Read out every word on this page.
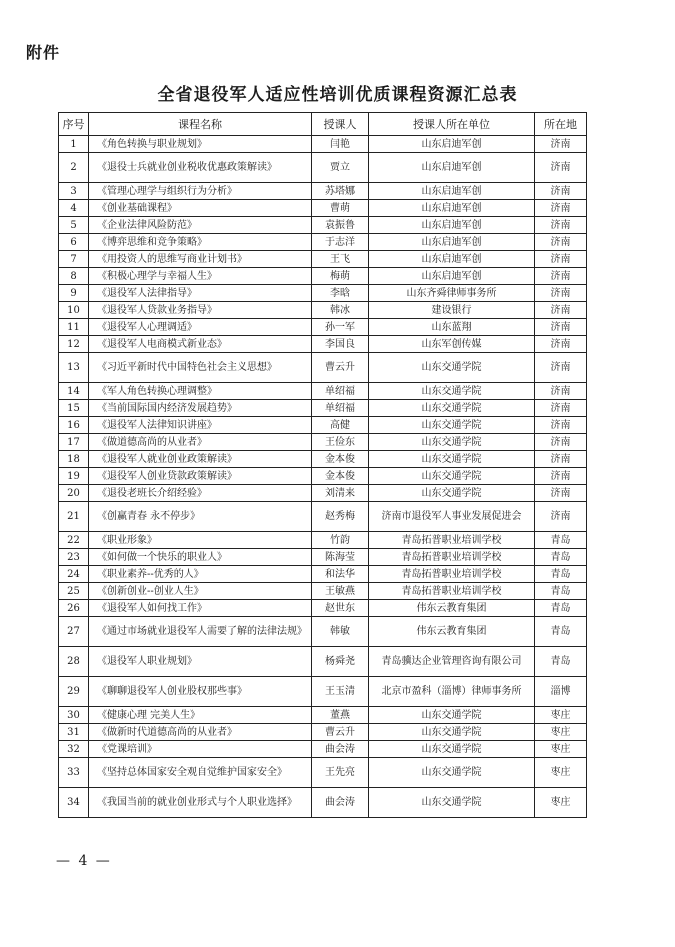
附件
全省退役军人适应性培训优质课程资源汇总表
序号	课程名称	授课人	授课人所在单位	所在地
1	《角色转换与职业规划》	闫艳	山东启迪军创	济南
2	《退役士兵就业创业税收优惠政策解读》	贾立	山东启迪军创	济南
3	《管理心理学与组织行为分析》	苏塔娜	山东启迪军创	济南
4	《创业基础课程》	曹萌	山东启迪军创	济南
5	《企业法律风险防范》	袁振鲁	山东启迪军创	济南
6	《博弈思维和竞争策略》	于志洋	山东启迪军创	济南
7	《用投资人的思维写商业计划书》	王飞	山东启迪军创	济南
8	《积极心理学与幸福人生》	梅萌	山东启迪军创	济南
9	《退役军人法律指导》	李晗	山东齐舜律师事务所	济南
10	《退役军人贷款业务指导》	韩冰	建设银行	济南
11	《退役军人心理调适》	孙一军	山东蓝翔	济南
12	《退役军人电商模式新业态》	李国良	山东军创传媒	济南
13	《习近平新时代中国特色社会主义思想》	曹云升	山东交通学院	济南
14	《军人角色转换心理调整》	单绍福	山东交通学院	济南
15	《当前国际国内经济发展趋势》	单绍福	山东交通学院	济南
16	《退役军人法律知识讲座》	高健	山东交通学院	济南
17	《做道德高尚的从业者》	王俭东	山东交通学院	济南
18	《退役军人就业创业政策解读》	金本俊	山东交通学院	济南
19	《退役军人创业贷款政策解读》	金本俊	山东交通学院	济南
20	《退役老班长介绍经验》	刘清来	山东交通学院	济南
21	《创赢青春 永不停步》	赵秀梅	济南市退役军人事业发展促进会	济南
22	《职业形象》	竹韵	青岛拓普职业培训学校	青岛
23	《如何做一个快乐的职业人》	陈海莹	青岛拓普职业培训学校	青岛
24	《职业素养--优秀的人》	和法华	青岛拓普职业培训学校	青岛
25	《创新创业--创业人生》	王敏燕	青岛拓普职业培训学校	青岛
26	《退役军人如何找工作》	赵世东	伟东云教育集团	青岛
27	《通过市场就业退役军人需要了解的法律法规》	韩敏	伟东云教育集团	青岛
28	《退役军人职业规划》	杨舜尧	青岛骥达企业管理咨询有限公司	青岛
29	《聊聊退役军人创业股权那些事》	王玉清	北京市盈科（淄博）律师事务所	淄博
30	《健康心理 完美人生》	董燕	山东交通学院	枣庄
31	《做新时代道德高尚的从业者》	曹云升	山东交通学院	枣庄
32	《党课培训》	曲会涛	山东交通学院	枣庄
33	《坚持总体国家安全观自觉维护国家安全》	王先亮	山东交通学院	枣庄
34	《我国当前的就业创业形式与个人职业选择》	曲会涛	山东交通学院	枣庄
— 4 —
